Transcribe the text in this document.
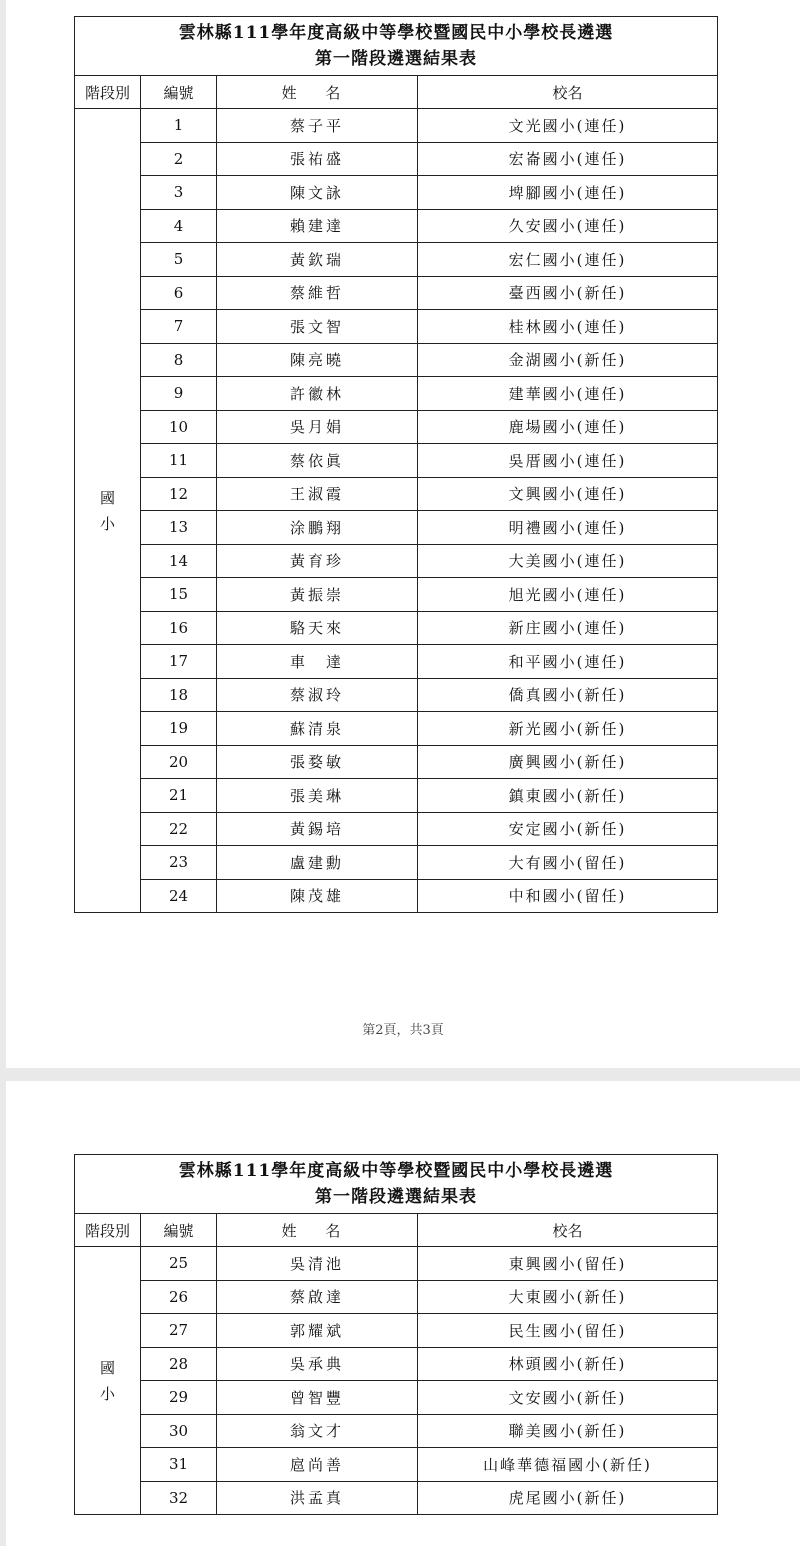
雲林縣111學年度高級中等學校暨國民中小學校長遴選
第一階段遴選結果表			

階段別	編號	姓 名	校名

國
小	1	蔡子平	文光國小(連任)
	2	張祐盛	宏崙國小(連任)
	3	陳文詠	埤腳國小(連任)
	4	賴建達	久安國小(連任)
	5	黃欽瑞	宏仁國小(連任)
	6	蔡維哲	臺西國小(新任)
	7	張文智	桂林國小(連任)
	8	陳亮曉	金湖國小(新任)
	9	許徽林	建華國小(連任)
	10	吳月娟	鹿場國小(連任)
	11	蔡依眞	吳厝國小(連任)
	12	王淑霞	文興國小(連任)
	13	涂鵬翔	明禮國小(連任)
	14	黃育珍	大美國小(連任)
	15	黃振崇	旭光國小(連任)
	16	駱天來	新庄國小(連任)
	17	車　達	和平國小(連任)
	18	蔡淑玲	僑真國小(新任)
	19	蘇清泉	新光國小(新任)
	20	張婺敏	廣興國小(新任)
	21	張美琳	鎮東國小(新任)
	22	黃錫培	安定國小(新任)
	23	盧建勳	大有國小(留任)
	24	陳茂雄	中和國小(留任)
第2頁，共3頁
雲林縣111學年度高級中等學校暨國民中小學校長遴選
第一階段遴選結果表			

階段別	編號	姓 名	校名

國
小	25	吳清池	東興國小(留任)
	26	蔡啟達	大東國小(新任)
	27	郭耀斌	民生國小(留任)
	28	吳承典	林頭國小(新任)
	29	曾智豐	文安國小(新任)
	30	翁文才	聯美國小(新任)
	31	扈尚善	山峰華德福國小(新任)
	32	洪孟真	虎尾國小(新任)
